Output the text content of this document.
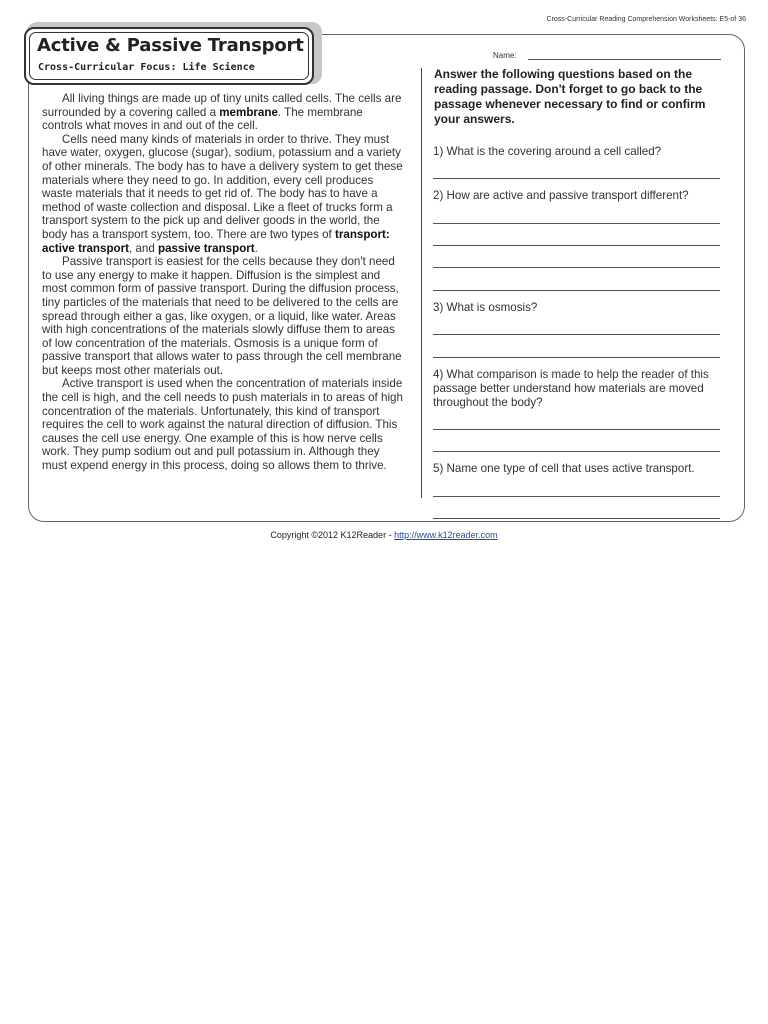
Cross-Curricular Reading Comprehension Worksheets: E5-of 36
Active & Passive Transport
Cross-Curricular Focus: Life Science

All living things are made up of tiny units called cells. The cells are surrounded by a covering called a membrane. The membrane controls what moves in and out of the cell.

Cells need many kinds of materials in order to thrive. They must have water, oxygen, glucose (sugar), sodium, potassium and a variety of other minerals. The body has to have a delivery system to get these materials where they need to go. In addition, every cell produces waste materials that it needs to get rid of. The body has to have a method of waste collection and disposal. Like a fleet of trucks form a transport system to the pick up and deliver goods in the world, the body has a transport system, too. There are two types of transport: active transport, and passive transport.

Passive transport is easiest for the cells because they don't need to use any energy to make it happen. Diffusion is the simplest and most common form of passive transport. During the diffusion process, tiny particles of the materials that need to be delivered to the cells are spread through either a gas, like oxygen, or a liquid, like water. Areas with high concentrations of the materials slowly diffuse them to areas of low concentration of the materials. Osmosis is a unique form of passive transport that allows water to pass through the cell membrane but keeps most other materials out.

Active transport is used when the concentration of materials inside the cell is high, and the cell needs to push materials in to areas of high concentration of the materials. Unfortunately, this kind of transport requires the cell to work against the natural direction of diffusion. This causes the cell use energy. One example of this is how nerve cells work. They pump sodium out and pull potassium in. Although they must expend energy in this process, doing so allows them to thrive.

Name:
Answer the following questions based on the reading passage. Don't forget to go back to the passage whenever necessary to find or confirm your answers.
1) What is the covering around a cell called?
2) How are active and passive transport different?
3) What is osmosis?
4) What comparison is made to help the reader of this passage better understand how materials are moved throughout the body?
5) Name one type of cell that uses active transport.
Copyright ©2012 K12Reader - http://www.k12reader.com
